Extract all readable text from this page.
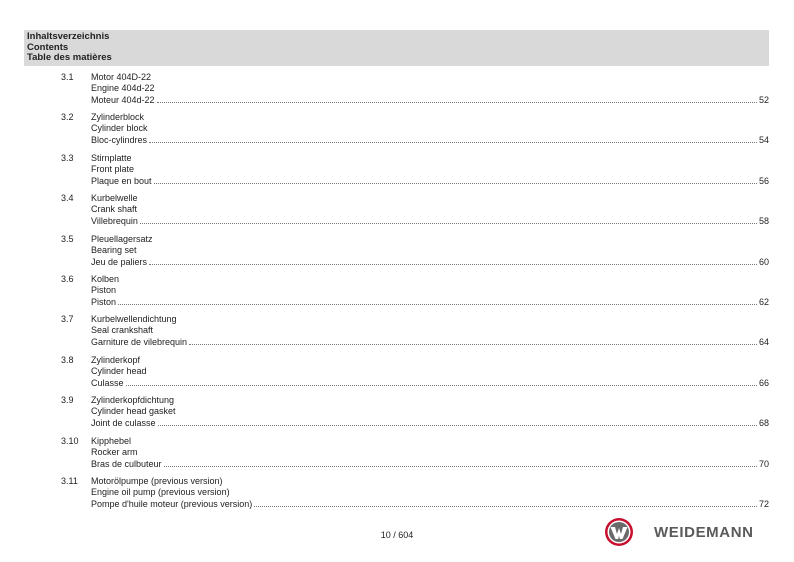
Inhaltsverzeichnis
Contents
Table des matières
3.1 Motor 404D-22
Engine 404d-22
Moteur 404d-22	52
3.2 Zylinderblock
Cylinder block
Bloc-cylindres	54
3.3 Stirnplatte
Front plate
Plaque en bout	56
3.4 Kurbelwelle
Crank shaft
Villebrequin	58
3.5 Pleuellagersatz
Bearing set
Jeu de paliers	60
3.6 Kolben
Piston
Piston	62
3.7 Kurbelwellendichtung
Seal crankshaft
Garniture de vilebrequin	64
3.8 Zylinderkopf
Cylinder head
Culasse	66
3.9 Zylinderkopfdichtung
Cylinder head gasket
Joint de culasse	68
3.10 Kipphebel
Rocker arm
Bras de culbuteur	70
3.11 Motorölpumpe (previous version)
Engine oil pump (previous version)
Pompe d'huile moteur (previous version)	72
10 / 604	WEIDEMANN
